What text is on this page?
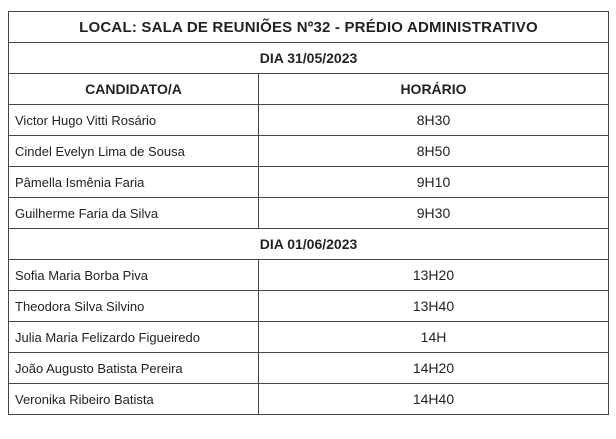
LOCAL: SALA DE REUNIÕES Nº32 - PRÉDIO ADMINISTRATIVO	
DIA 31/05/2023	
CANDIDATO/A	HORÁRIO
Victor Hugo Vitti Rosário	8H30
Cindel Evelyn Lima de Sousa	8H50
Pâmella Ismênia Faria	9H10
Guilherme Faria da Silva	9H30
DIA 01/06/2023	
Sofia Maria Borba Piva	13H20
Theodora Silva Silvino	13H40
Julia Maria Felizardo Figueiredo	14H
João Augusto Batista Pereira	14H20
Veronika Ribeiro Batista	14H40
